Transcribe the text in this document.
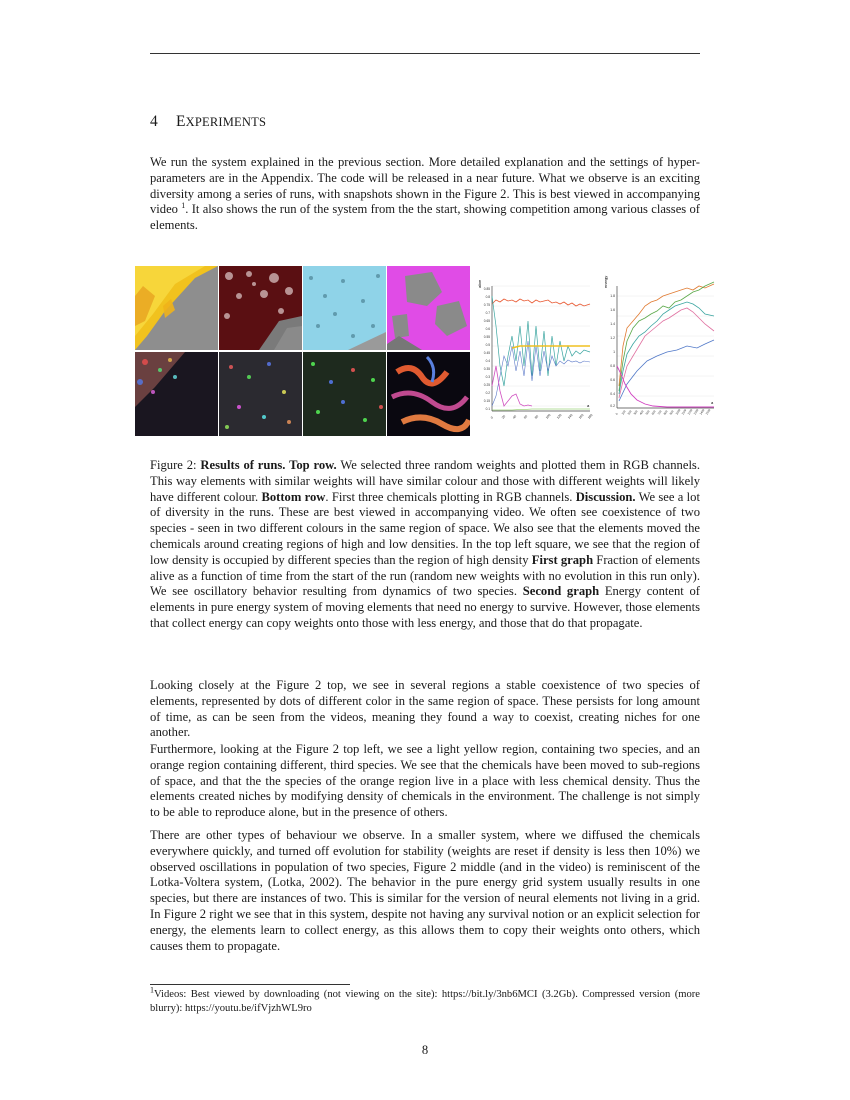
4 EXPERIMENTS

We run the system explained in the previous section. More detailed explanation and the settings of hyper-parameters are in the Appendix. The code will be released in a near future. What we observe is an exciting diversity among a series of runs, with snapshots shown in the Figure 2. This is best viewed in accompanying video $^1$. It also shows the run of the system from the the start, showing competition among various classes of elements.

alive
0.85
0.8
0.75
0.7
0.65
0.6
0.55
0.5
0.45
0.4
0.35
0.3
0.25
0.2
0.15
0.1
0 20 40 60 80 100 120 140 160 180
a
energy
1.8
1.6
1.4
1.2
1
0.8
0.6
0.4
0.2
0 100 200 300 400 500 600 700 800 900 1000 1100 1200 1300 1400 1500
a

Figure 2: Results of runs. Top row. We selected three random weights and plotted them in RGB channels. This way elements with similar weights will have similar colour and those with different weights will likely have different colour. Bottom row. First three chemicals plotting in RGB channels. Discussion. We see a lot of diversity in the runs. These are best viewed in accompanying video. We often see coexistence of two species - seen in two different colours in the same region of space. We also see that the elements moved the chemicals around creating regions of high and low densities. In the top left square, we see that the region of low density is occupied by different species than the region of high density First graph Fraction of elements alive as a function of time from the start of the run (random new weights with no evolution in this run only). We see oscillatory behavior resulting from dynamics of two species. Second graph Energy content of elements in pure energy system of moving elements that need no energy to survive. However, those elements that collect energy can copy weights onto those with less energy, and those that do that propagate.

Looking closely at the Figure 2 top, we see in several regions a stable coexistence of two species of elements, represented by dots of different color in the same region of space. These persists for long amount of time, as can be seen from the videos, meaning they found a way to coexist, creating niches for one another.

Furthermore, looking at the Figure 2 top left, we see a light yellow region, containing two species, and an orange region containing different, third species. We see that the chemicals have been moved to sub-regions of space, and that the the species of the orange region live in a place with less chemical density. Thus the elements created niches by modifying density of chemicals in the environment. The challenge is not simply to be able to reproduce alone, but in the presence of others.

There are other types of behaviour we observe. In a smaller system, where we diffused the chemicals everywhere quickly, and turned off evolution for stability (weights are reset if density is less then 10%) we observed oscillations in population of two species, Figure 2 middle (and in the video) is reminiscent of the Lotka-Voltera system, (Lotka, 2002). The behavior in the pure energy grid system usually results in one species, but there are instances of two. This is similar for the version of neural elements not living in a grid. In Figure 2 right we see that in this system, despite not having any survival notion or an explicit selection for energy, the elements learn to collect energy, as this allows them to copy their weights onto others, which causes them to propagate.

$^1$Videos: Best viewed by downloading (not viewing on the site): https://bit.ly/3nb6MCI (3.2Gb). Compressed version (more blurry): https://youtu.be/ifVjzhWL9ro

8
